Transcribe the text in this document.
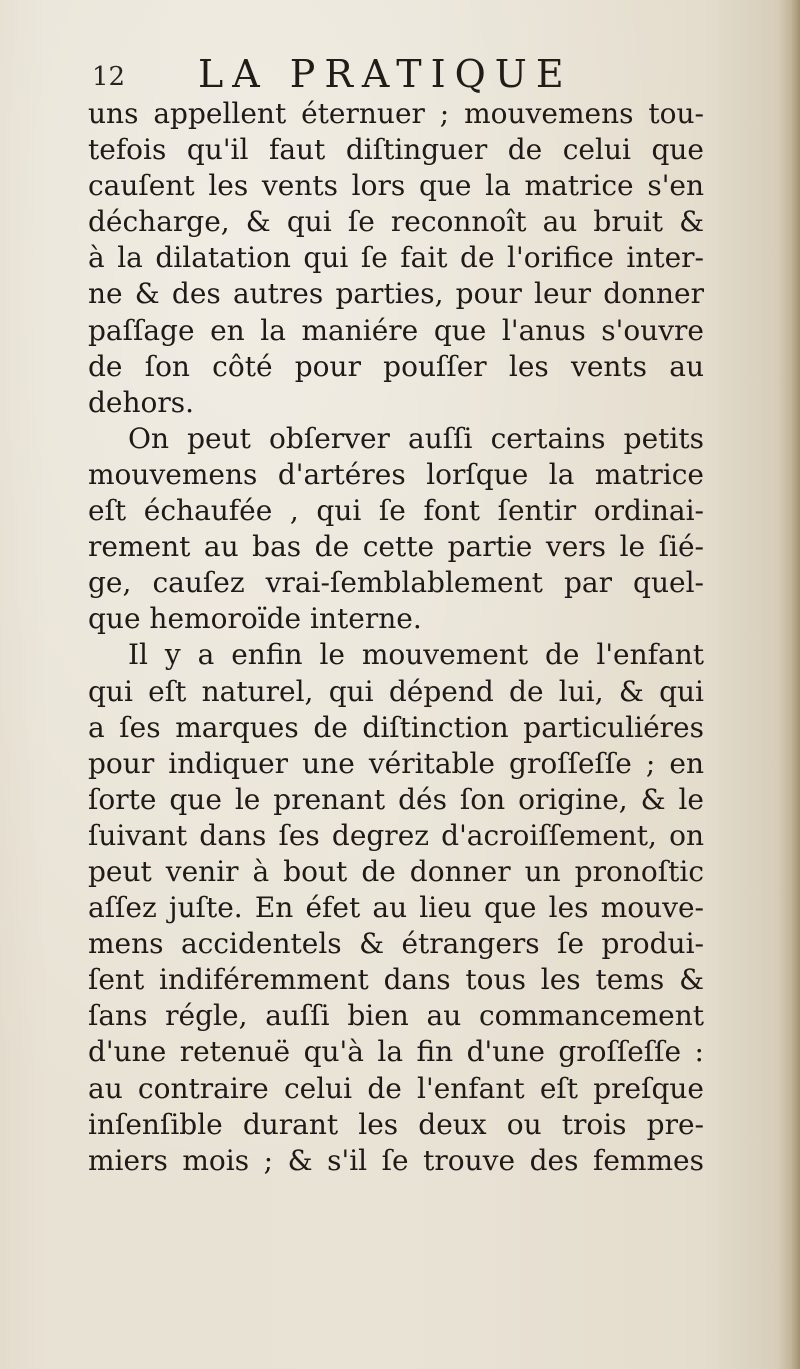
12 LA PRATIQUE
uns appellent éternuer ; mouvemens tou-
tefois qu'il faut diſtinguer de celui que
cauſent les vents lors que la matrice s'en
décharge, & qui ſe reconnoît au bruit &
à la dilatation qui ſe fait de l'orifice inter-
ne & des autres parties, pour leur donner
paſſage en la maniére que l'anus s'ouvre
de ſon côté pour pouſſer les vents au
dehors.
On peut obſerver auſſi certains petits
mouvemens d'artéres lorſque la matrice
eſt échaufée , qui ſe font ſentir ordinai-
rement au bas de cette partie vers le ſié-
ge, cauſez vrai-ſemblablement par quel-
que hemoroïde interne.
Il y a enfin le mouvement de l'enfant
qui eſt naturel, qui dépend de lui, & qui
a ſes marques de diſtinction particuliéres
pour indiquer une véritable groſſeſſe ; en
ſorte que le prenant dés ſon origine, & le
ſuivant dans ſes degrez d'acroiſſement, on
peut venir à bout de donner un pronoſtic
aſſez juſte. En éfet au lieu que les mouve-
mens accidentels & étrangers ſe produi-
ſent indiféremment dans tous les tems &
ſans régle, auſſi bien au commancement
d'une retenuë qu'à la fin d'une groſſeſſe :
au contraire celui de l'enfant eſt preſque
inſenſible durant les deux ou trois pre-
miers mois ; & s'il ſe trouve des femmes
